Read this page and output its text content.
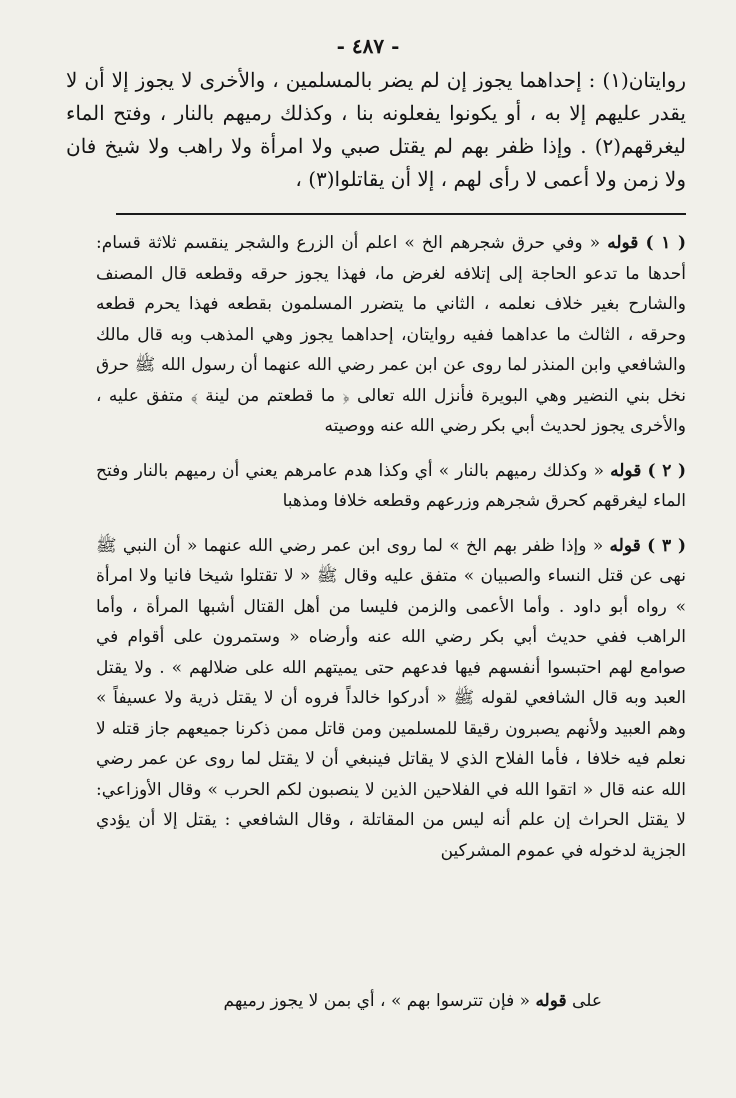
- ٤٨٧ -

روايتان(١) : إحداهما يجوز إن لم يضر بالمسلمين ، والأخرى لا يجوز إلا أن لا يقدر عليهم إلا به ، أو يكونوا يفعلونه بنا ، وكذلك رميهم بالنار ، وفتح الماء ليغرقهم(٢) . وإذا ظفر بهم لم يقتل صبي ولا امرأة ولا راهب ولا شيخ فان ولا زمن ولا أعمى لا رأى لهم ، إلا أن يقاتلوا(٣) ،

( ١ ) قوله « وفي حرق شجرهم الخ » اعلم أن الزرع والشجر ينقسم ثلاثة قسام: أحدها ما تدعو الحاجة إلى إتلافه لغرض ما، فهذا يجوز حرقه وقطعه قال المصنف والشارح بغير خلاف نعلمه ، الثاني ما يتضرر المسلمون بقطعه فهذا يحرم قطعه وحرقه ، الثالث ما عداهما ففيه روايتان، إحداهما يجوز وهي المذهب وبه قال مالك والشافعي وابن المنذر لما روى عن ابن عمر رضي الله عنهما أن رسول الله ﷺ حرق نخل بني النضير وهي البويرة فأنزل الله تعالى ﴿ ما قطعتم من لينة ﴾ متفق عليه ، والأخرى يجوز لحديث أبي بكر رضي الله عنه ووصيته

( ٢ ) قوله « وكذلك رميهم بالنار » أي وكذا هدم عامرهم يعني أن رميهم بالنار وفتح الماء ليغرقهم كحرق شجرهم وزرعهم وقطعه خلافا ومذهبا

( ٣ ) قوله « وإذا ظفر بهم الخ » لما روى ابن عمر رضي الله عنهما « أن النبي ﷺ نهى عن قتل النساء والصبيان » متفق عليه وقال ﷺ « لا تقتلوا شيخا فانيا ولا امرأة » رواه أبو داود . وأما الأعمى والزمن فليسا من أهل القتال أشبها المرأة ، وأما الراهب ففي حديث أبي بكر رضي الله عنه وأرضاه « وستمرون على أقوام في صوامع لهم احتبسوا أنفسهم فيها فدعهم حتى يميتهم الله على ضلالهم » . ولا يقتل العبد وبه قال الشافعي لقوله ﷺ « أدركوا خالداً فروه أن لا يقتل ذرية ولا عسيفاً » وهم العبيد ولأنهم يصبرون رقيقا للمسلمين ومن قاتل ممن ذكرنا جميعهم جاز قتله لا نعلم فيه خلافا ، فأما الفلاح الذي لا يقاتل فينبغي أن لا يقتل لما روى عن عمر رضي الله عنه قال « اتقوا الله في الفلاحين الذين لا ينصبون لكم الحرب » وقال الأوزاعي: لا يقتل الحراث إن علم أنه ليس من المقاتلة ، وقال الشافعي : يقتل إلا أن يؤدي الجزية لدخوله في عموم المشركين

على قوله « فإن تترسوا بهم » ، أي بمن لا يجوز رميهم
